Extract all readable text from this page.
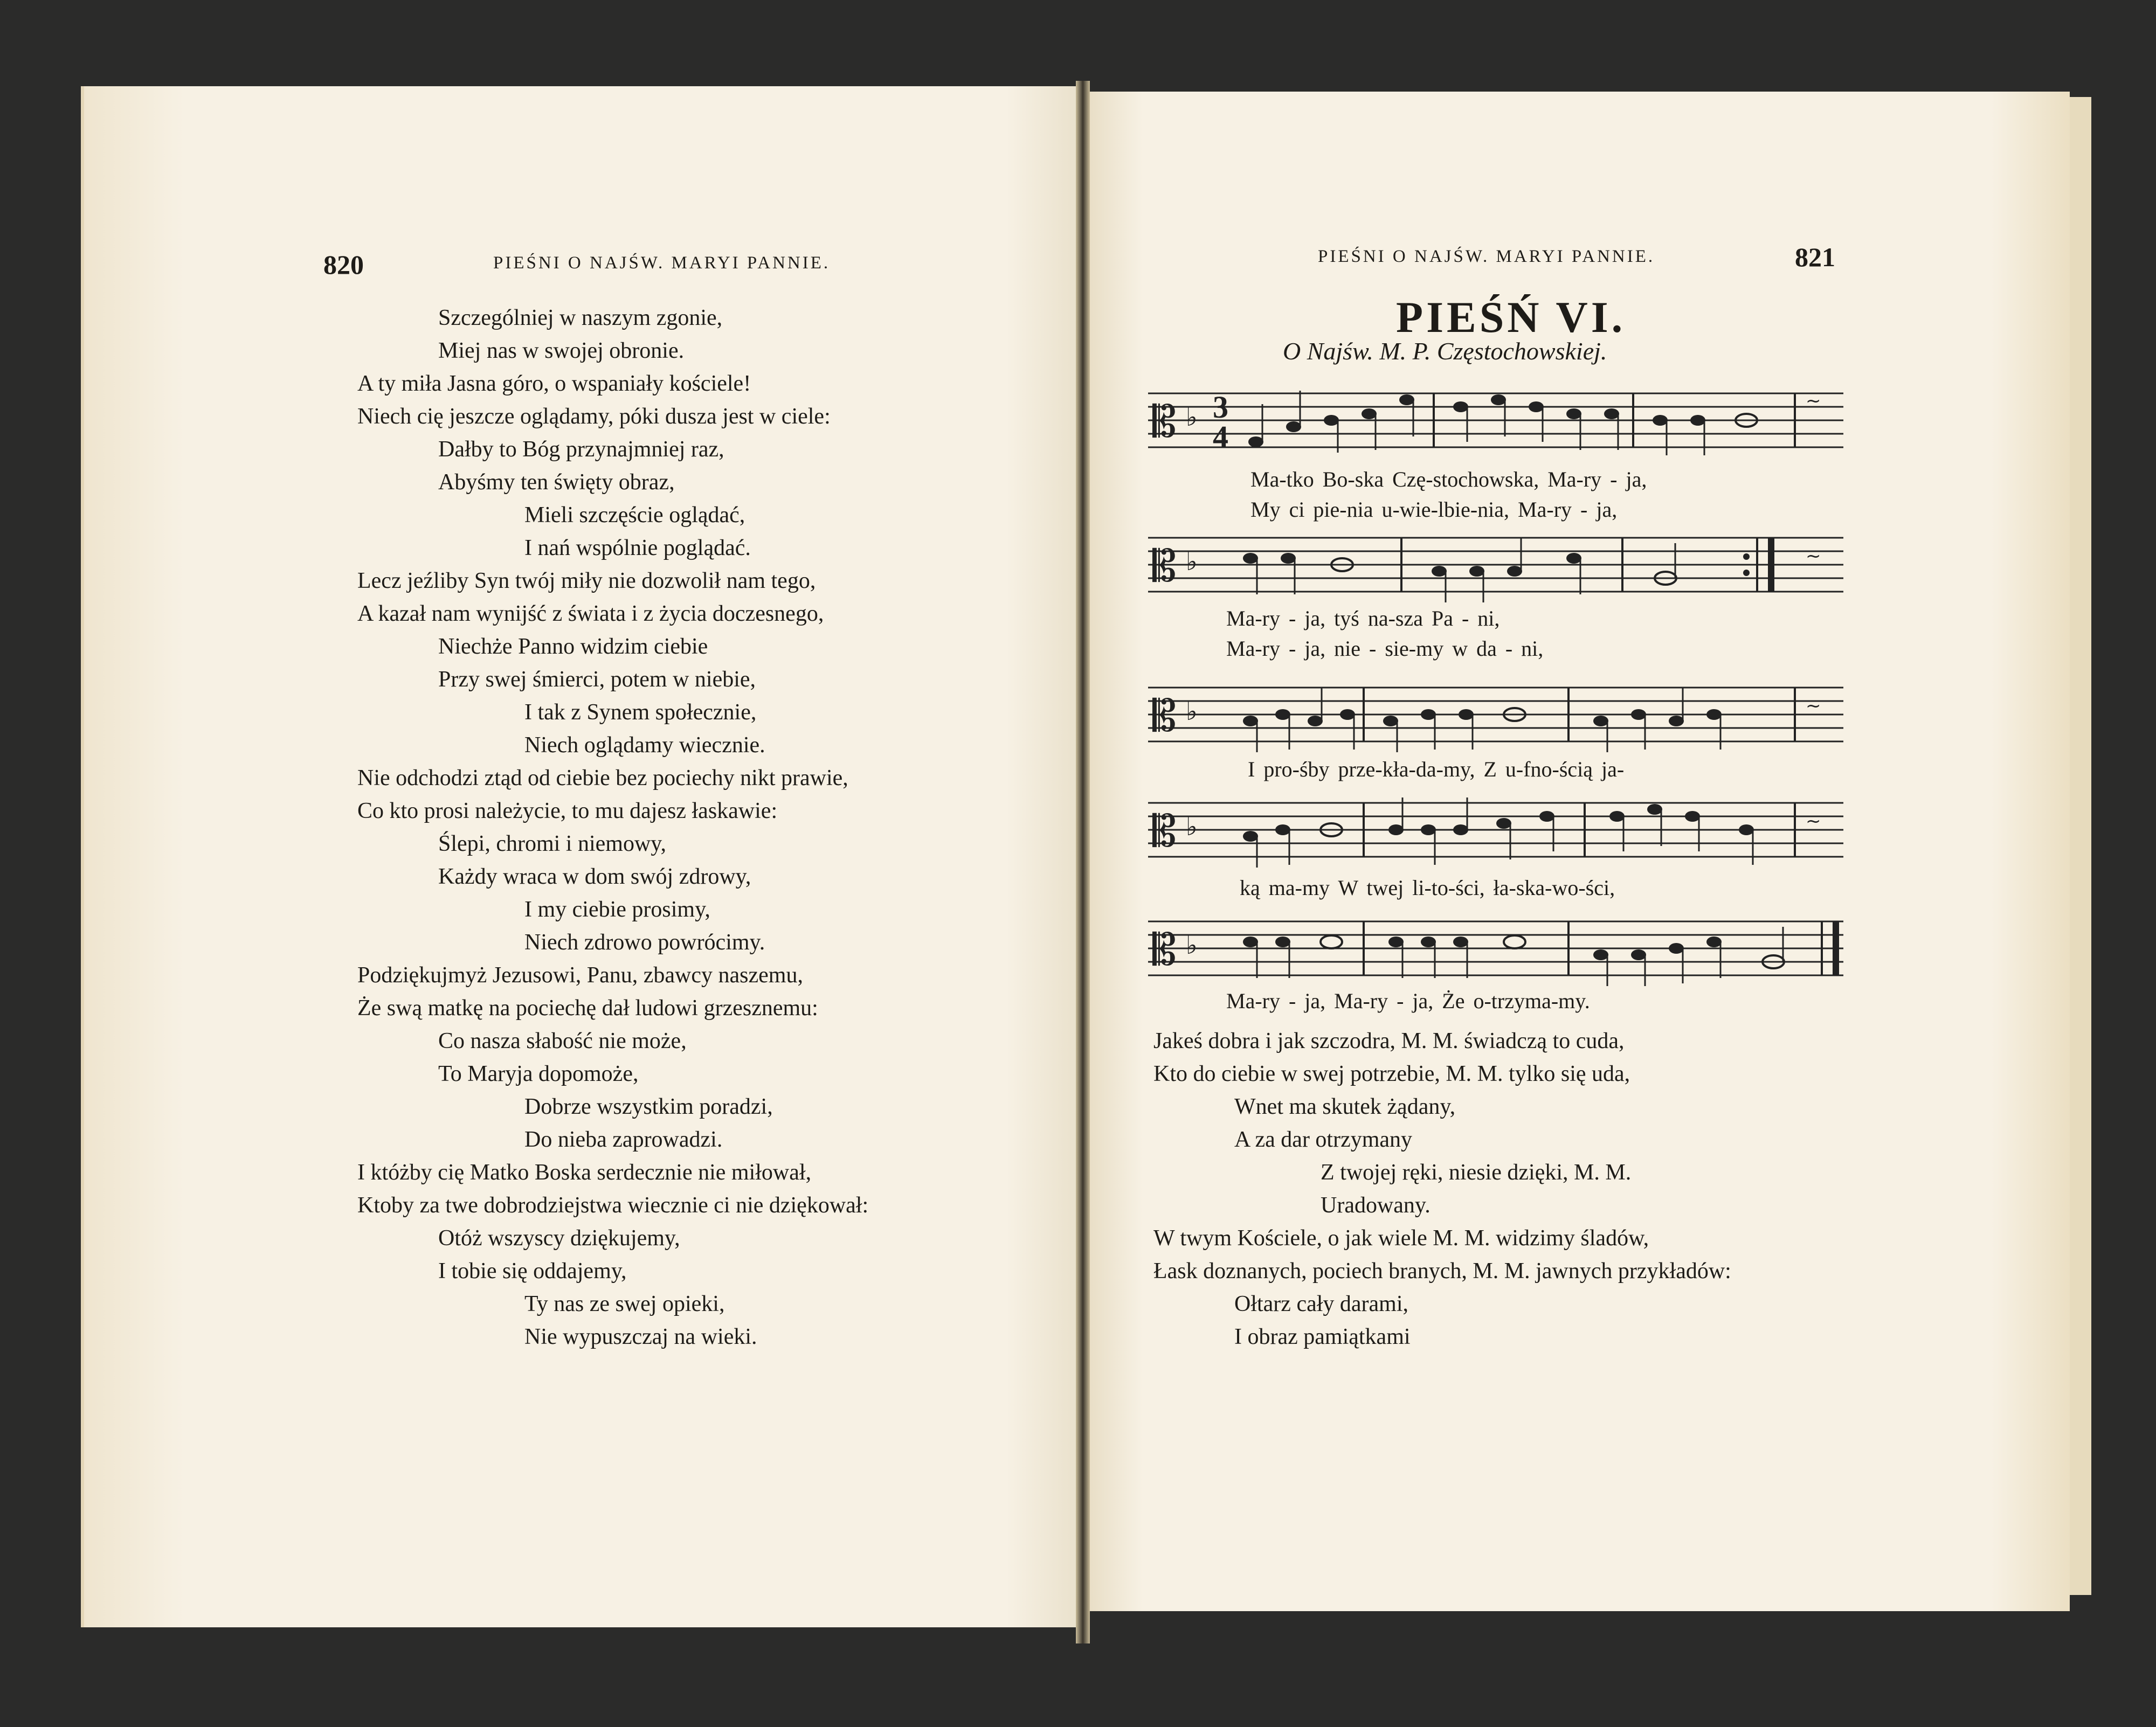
820	PIEŚNI O NAJŚW. MARYI PANNIE.
Szczególniej w naszym zgonie,
Miej nas w swojej obronie.
A ty miła Jasna góro, o wspaniały kościele!
Niech cię jeszcze oglądamy, póki dusza jest w ciele:
Dałby to Bóg przynajmniej raz,
Abyśmy ten święty obraz,
Mieli szczęście oglądać,
I nań wspólnie poglądać.
Lecz jeźliby Syn twój miły nie dozwolił nam tego,
A kazał nam wynijść z świata i z życia doczesnego,
Niechże Panno widzim ciebie
Przy swej śmierci, potem w niebie,
I tak z Synem społecznie,
Niech oglądamy wiecznie.
Nie odchodzi ztąd od ciebie bez pociechy nikt prawie,
Co kto prosi należycie, to mu dajesz łaskawie:
Ślepi, chromi i niemowy,
Każdy wraca w dom swój zdrowy,
I my ciebie prosimy,
Niech zdrowo powrócimy.
Podziękujmyż Jezusowi, Panu, zbawcy naszemu,
Że swą matkę na pociechę dał ludowi grzesznemu:
Co nasza słabość nie może,
To Maryja dopomoże,
Dobrze wszystkim poradzi,
Do nieba zaprowadzi.
I któżby cię Matko Boska serdecznie nie miłował,
Ktoby za twe dobrodziejstwa wiecznie ci nie dziękował:
Otóż wszyscy dziękujemy,
I tobie się oddajemy,
Ty nas ze swej opieki,
Nie wypuszczaj na wieki.
PIEŚNI O NAJŚW. MARYI PANNIE.	821
PIEŚŃ VI.
O Najśw. M. P. Częstochowskiej.
𝄡 ♭ 3
4
~
Ma-tko Bo-ska Czę-stochowska, Ma-ry - ja,
My ci pie-nia u-wie-lbie-nia, Ma-ry - ja,
𝄡 ♭	~
Ma-ry - ja, tyś na-sza Pa - ni,
Ma-ry - ja, nie - sie-my w da - ni,
𝄡 ♭	~
I pro-śby prze-kła-da-my, Z u-fno-ścią ja-
𝄡 ♭	~
ką ma-my W twej li-to-ści, ła-ska-wo-ści,
𝄡 ♭
Ma-ry - ja, Ma-ry - ja, Że o-trzyma-my.
Jakeś dobra i jak szczodra, M. M. świadczą to cuda,
Kto do ciebie w swej potrzebie, M. M. tylko się uda,
Wnet ma skutek żądany,
A za dar otrzymany
Z twojej ręki, niesie dzięki, M. M.
Uradowany.
W twym Kościele, o jak wiele M. M. widzimy śladów,
Łask doznanych, pociech branych, M. M. jawnych przykładów:
Ołtarz cały darami,
I obraz pamiątkami
